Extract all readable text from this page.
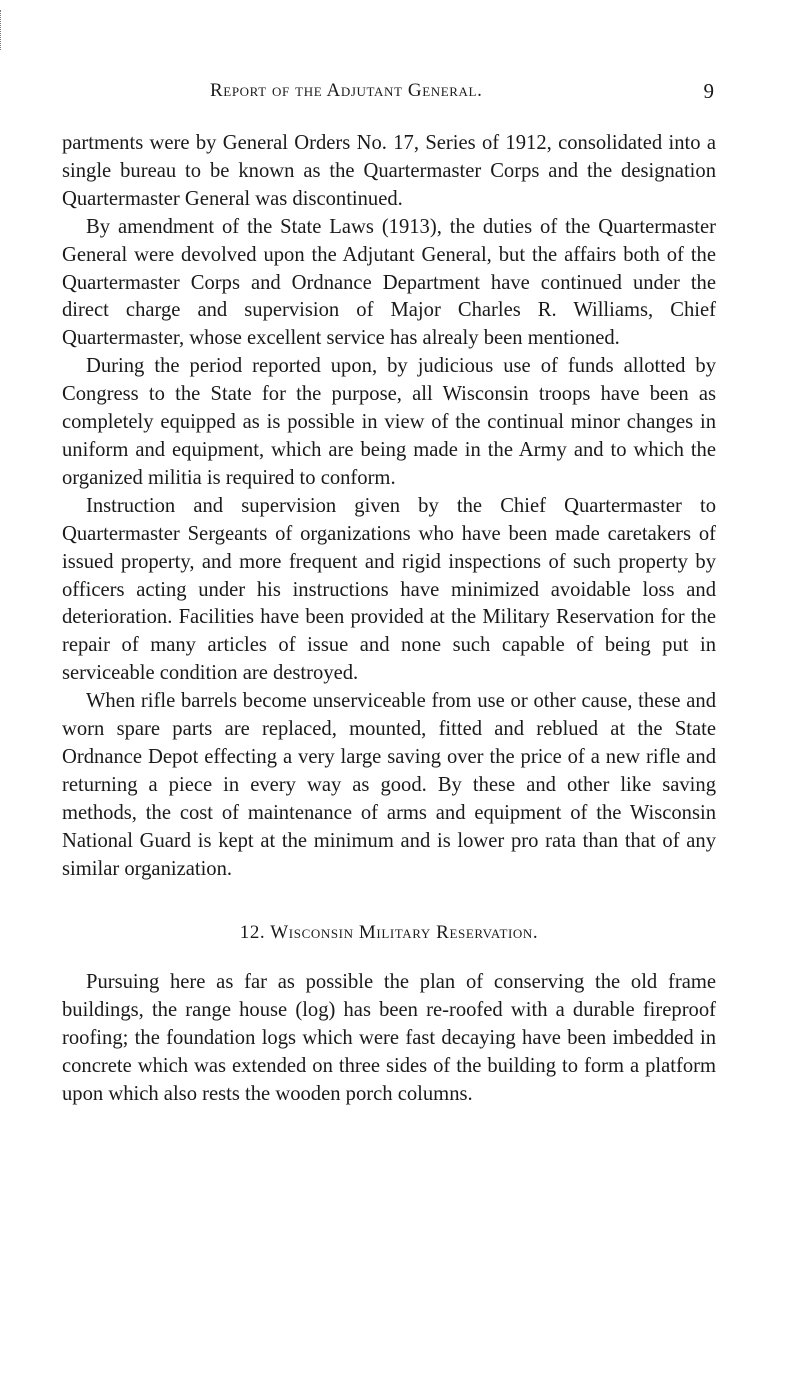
Report of the Adjutant General.	9

partments were by General Orders No. 17, Series of 1912, consolidated into a single bureau to be known as the Quartermaster Corps and the designation Quartermaster General was discontinued.

By amendment of the State Laws (1913), the duties of the Quartermaster General were devolved upon the Adjutant General, but the affairs both of the Quartermaster Corps and Ordnance Department have continued under the direct charge and supervision of Major Charles R. Williams, Chief Quartermaster, whose excellent service has alrealy been mentioned.

During the period reported upon, by judicious use of funds allotted by Congress to the State for the purpose, all Wisconsin troops have been as completely equipped as is possible in view of the continual minor changes in uniform and equipment, which are being made in the Army and to which the organized militia is required to conform.

Instruction and supervision given by the Chief Quartermaster to Quartermaster Sergeants of organizations who have been made caretakers of issued property, and more frequent and rigid inspections of such property by officers acting under his instructions have minimized avoidable loss and deterioration. Facilities have been provided at the Military Reservation for the repair of many articles of issue and none such capable of being put in serviceable condition are destroyed.

When rifle barrels become unserviceable from use or other cause, these and worn spare parts are replaced, mounted, fitted and reblued at the State Ordnance Depot effecting a very large saving over the price of a new rifle and returning a piece in every way as good. By these and other like saving methods, the cost of maintenance of arms and equipment of the Wisconsin National Guard is kept at the minimum and is lower pro rata than that of any similar organization.

12. Wisconsin Military Reservation.

Pursuing here as far as possible the plan of conserving the old frame buildings, the range house (log) has been re-roofed with a durable fireproof roofing; the foundation logs which were fast decaying have been imbedded in concrete which was extended on three sides of the building to form a platform upon which also rests the wooden porch columns.
